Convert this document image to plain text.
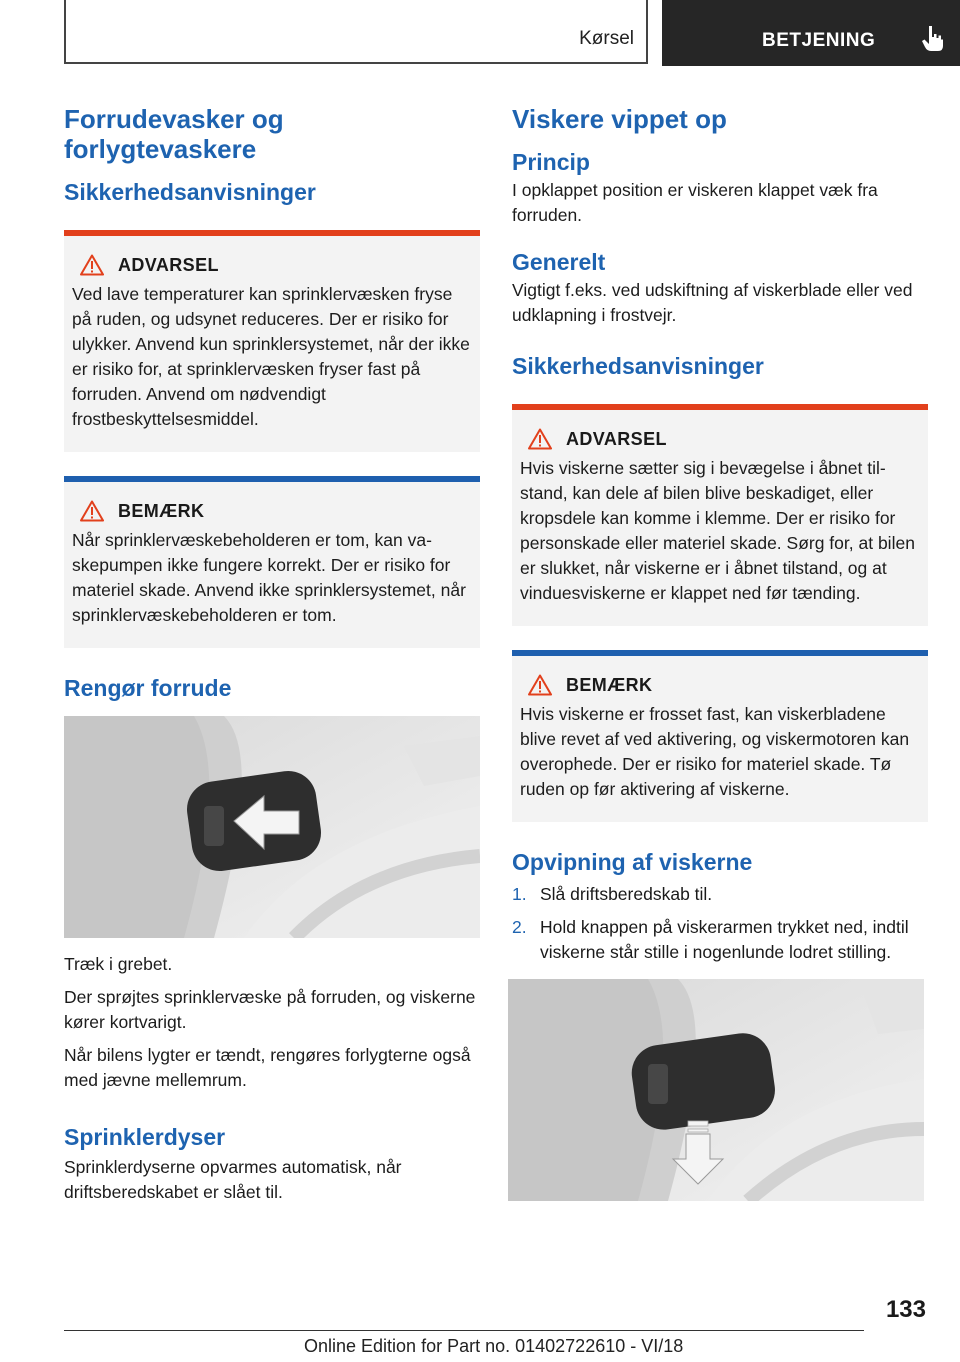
Kørsel	BETJENING
Forrudevasker og forlygtevaskere
Sikkerhedsanvisninger
ADVARSEL
Ved lave temperaturer kan sprinklervæsken fryse på ruden, og udsynet reduceres. Der er risiko for ulykker. Anvend kun sprinklersystemet, når der ikke er risiko for, at sprinklervæsken fryser fast på forruden. Anvend om nødvendigt frostbeskyttelsesmiddel.
BEMÆRK
Når sprinklervæskebeholderen er tom, kan vaskepumpen ikke fungere korrekt. Der er risiko for materiel skade. Anvend ikke sprinklersystemet, når sprinklervæskebeholderen er tom.
Rengør forrude
Træk i grebet.
Der sprøjtes sprinklervæske på forruden, og viskerne kører kortvarigt.
Når bilens lygter er tændt, rengøres forlygterne også med jævne mellemrum.
Sprinklerdyser
Sprinklerdyserne opvarmes automatisk, når driftsberedskabet er slået til.
Viskere vippet op
Princip
I opklappet position er viskeren klappet væk fra forruden.
Generelt
Vigtigt f.eks. ved udskiftning af viskerblade eller ved udklapning i frostvejr.
Sikkerhedsanvisninger
ADVARSEL
Hvis viskerne sætter sig i bevægelse i åbnet tilstand, kan dele af bilen blive beskadiget, eller kropsdele kan komme i klemme. Der er risiko for personskade eller materiel skade. Sørg for, at bilen er slukket, når viskerne er i åbnet tilstand, og at vinduesviskerne er klappet ned før tænding.
BEMÆRK
Hvis viskerne er frosset fast, kan viskerbladene blive revet af ved aktivering, og viskermotoren kan overophede. Der er risiko for materiel skade. Tø ruden op før aktivering af viskerne.
Opvipning af viskerne
1. Slå driftsberedskab til.
2. Hold knappen på viskerarmen trykket ned, indtil viskerne står stille i nogenlunde lodret stilling.
133
Online Edition for Part no. 01402722610 - VI/18
